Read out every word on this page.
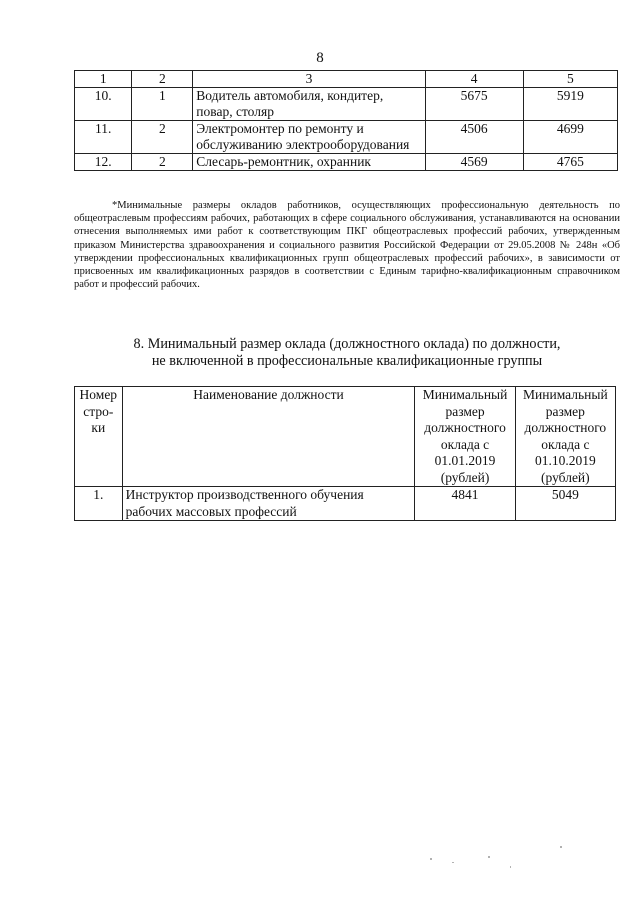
8
1	2	3	4	5
10.	1	Водитель автомобиля, кондитер, повар, столяр	5675	5919
11.	2	Электромонтер по ремонту и обслуживанию электрооборудования	4506	4699
12.	2	Слесарь-ремонтник, охранник	4569	4765
*Минимальные размеры окладов работников, осуществляющих профессиональную деятельность по общеотраслевым профессиям рабочих, работающих в сфере социального обслуживания, устанавливаются на основании отнесения выполняемых ими работ к соответствующим ПКГ общеотраслевых профессий рабочих, утвержденным приказом Министерства здравоохранения и социального развития Российской Федерации от 29.05.2008 № 248н «Об утверждении профессиональных квалификационных групп общеотраслевых профессий рабочих», в зависимости от присвоенных им квалификационных разрядов в соответствии с Единым тарифно-квалификационным справочником работ и профессий рабочих.
8. Минимальный размер оклада (должностного оклада) по должности,
не включенной в профессиональные квалификационные группы
Номер стро-ки	Наименование должности	Минимальный размер должностного оклада с 01.01.2019 (рублей)	Минимальный размер должностного оклада с 01.10.2019 (рублей)
1.	Инструктор производственного обучения рабочих массовых профессий	4841	5049
